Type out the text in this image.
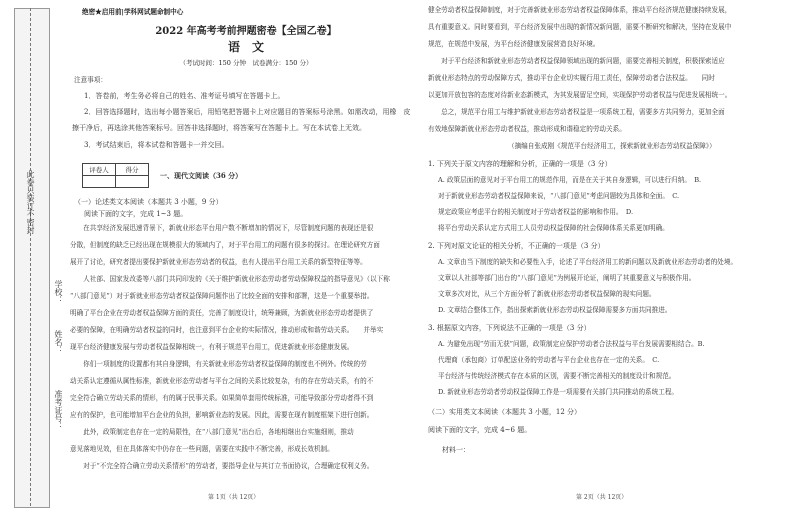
此卷只装订不密封
学校：
姓名：
准考证号：
绝密★启用前|学科网试题命制中心
2022 年高考考前押题密卷【全国乙卷】
语　文
（考试时间：150 分钟　试卷满分：150 分）
注意事项：
1．答卷前，考生务必将自己的姓名、准考证号填写在答题卡上。
2．回答选择题时，选出每小题答案后，用铅笔把答题卡上对应题目的答案标号涂黑。如需改动，用橡　皮
擦干净后，再选涂其他答案标号。回答非选择题时，将答案写在答题卡上。写在本试卷上无效。
3．考试结束后，将本试卷和答题卡一并交回。
评卷人	得分

一、现代文阅读（36 分）
（一）论述类文本阅读（本题共 3 小题，9 分）
阅读下面的文字，完成 1~3 题。
　　在共享经济发展迅速背景下，新就业形态平台用户数不断增加的情况下，尽管制度问题的表现还是很
分散，但制度的缺乏已经出现在规模很大的领域内了，对于平台用工的问题有很多的探讨。在理论研究方面
展开了讨论，研究者提出要保护新就业形态劳动者的权益，也有人提出平台用工关系的新型特征等等。
　　人社部、国家发改委等八部门共同印发的《关于维护新就业形态劳动者劳动保障权益的指导意见》（以下称
“八部门意见”）对于新就业形态劳动者权益保障问题作出了比较全面的安排和部署，这是一个重要举措。
明确了平台企业在劳动者权益保障方面的责任，完善了制度设计，统筹兼顾，为新就业形态劳动者提供了
必要的保障，在明确劳动者权益的同时，也注意到平台企业的实际情况，推动形成和谐劳动关系。　　并举实
现平台经济健康发展与劳动者权益保障相统一，有利于规范平台用工，促进新就业形态健康发展。
　　你们一项制度的设置都有其自身逻辑，有关新就业形态劳动者权益保障的制度也不例外。传统的劳
动关系认定遵循从属性标准，新就业形态劳动者与平台之间的关系比较复杂，有的存在劳动关系，有的不
完全符合确立劳动关系的情形，有的属于民事关系。如果简单套用传统标准，可能导致部分劳动者得不到
应有的保护，也可能增加平台企业的负担，影响新业态的发展。因此，需要在现有制度框架下进行创新。
　　此外，政策制定也存在一定的局限性，在“八部门意见”出台后，各地相继出台实施细则，推动
意见落地见效，但在具体落实中仍存在一些问题，需要在实践中不断完善，形成长效机制。
　　对于“不完全符合确立劳动关系情形”的劳动者，要指导企业与其订立书面协议，合理确定权利义务。
第 1页（共 12页）
健全劳动者权益保障制度，对于完善新就业形态劳动者权益保障体系，推动平台经济规范健康持续发展，
具有重要意义。同时要看到，平台经济发展中出现的新情况新问题，需要不断研究和解决，坚持在发展中
规范，在规范中发展，为平台经济健康发展营造良好环境。
　　对于平台经济和新就业形态劳动者权益保障领域出现的新问题，需要完善相关制度，积极探索适应
新就业形态特点的劳动保障方式，推动平台企业切实履行用工责任，保障劳动者合法权益。　　同时
以更加开放包容的态度对待新业态新模式，为其发展留足空间，实现保护劳动者权益与促进发展相统一。
　　总之，规范平台用工与维护新就业形态劳动者权益是一项系统工程，需要多方共同努力，更加全面
有效地保障新就业形态劳动者权益，推动形成和谐稳定的劳动关系。
（摘编自张成刚《规范平台经济用工，探索新就业形态劳动权益保障》）
1. 下列关于原文内容的理解和分析，正确的一项是（3 分）
A. 政策层面的意见对于平台用工的规范作用，而是在关于其自身逻辑，可以进行归纳。　B.
对于新就业形态劳动者权益保障来说，“八部门意见”考虑问题较为具体和全面。　C.
规定政策应考虑平台的相关制度对于劳动者权益的影响和作用。　D.
将平台劳动关系认定方式用工人员劳动权益保障的社会保障体系关系更加明确。
2. 下列对原文论证的相关分析，不正确的一项是（3 分）
A. 文章由当下制度的缺失和必要性入手，论述了平台经济用工的新问题以及新就业形态劳动者的处境。
文章以人社部等部门出台的“八部门意见”为例展开论证，阐明了其重要意义与积极作用。
文章多次对比，从三个方面分析了新就业形态劳动者权益保障的现实问题。
D. 文章结合整体工作，指出探索新就业形态劳动权益保障需要多方面共同推进。
3. 根据原文内容，下列说法不正确的一项是（3 分）
A. 为避免出现“劳而无获”问题，政策制定应保护劳动者合法权益与平台发展需要相结合。B.
代理商（承包商）订单配送业务的劳动者与平台企业也存在一定的关系。　C.
平台经济与传统经济模式存在本质的区别，需要不断完善相关的制度设计和规范。
D. 新就业形态劳动者劳动权益保障工作是一项需要有关部门共同推动的系统工程。
（二）实用类文本阅读（本题共 3 小题，12 分）
阅读下面的文字，完成 4~6 题。
材料一：
第 2页（共 12页）
